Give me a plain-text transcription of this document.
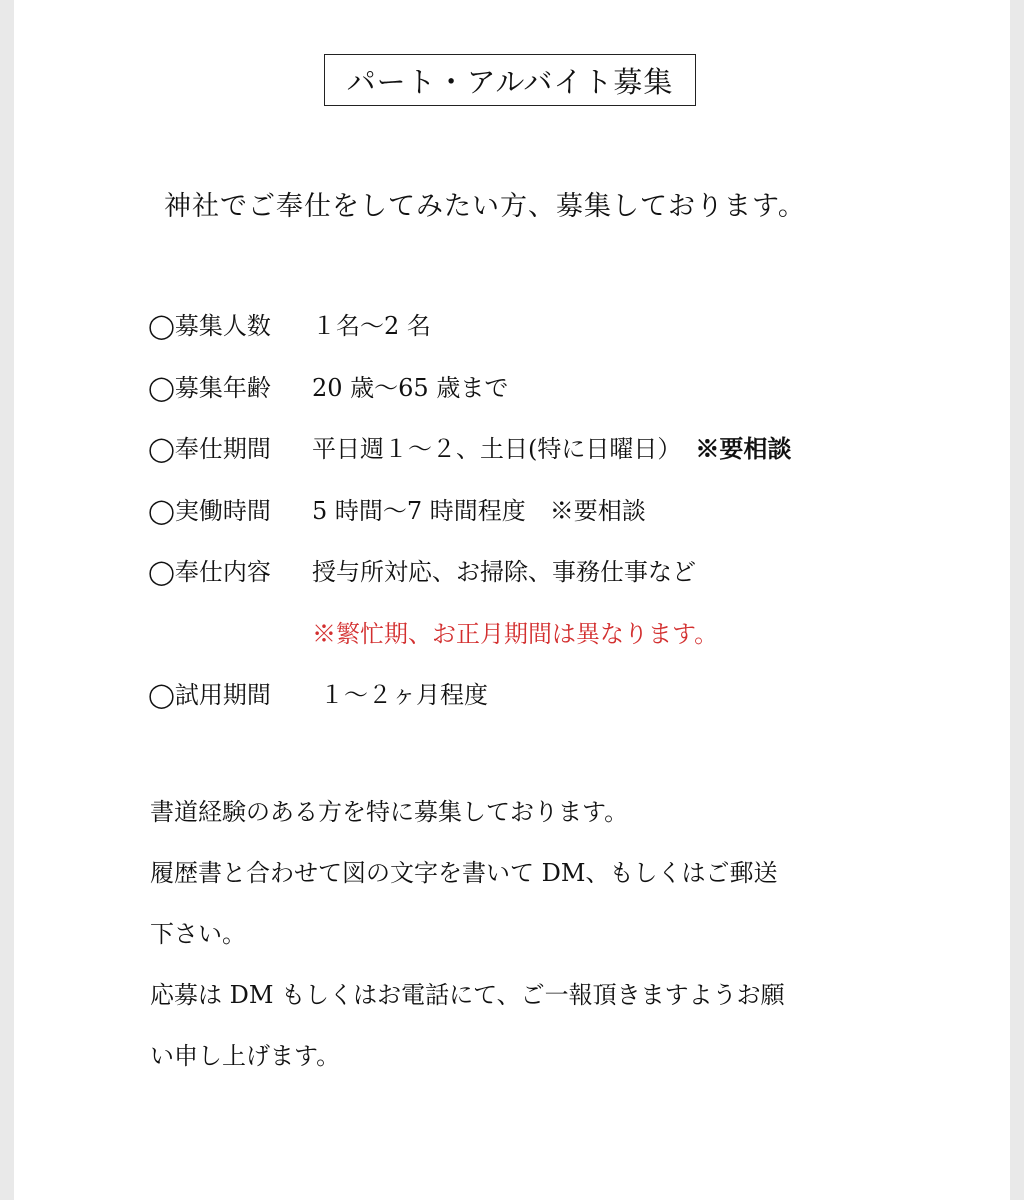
パート・アルバイト募集
神社でご奉仕をしてみたい方、募集しております。
◯募集人数 １名〜2 名
◯募集年齢 20 歳〜65 歳まで
◯奉仕期間 平日週１〜２、土日(特に日曜日） ※要相談
◯実働時間 5 時間〜7 時間程度 ※要相談
◯奉仕内容 授与所対応、お掃除、事務仕事など
※繁忙期、お正月期間は異なります。
◯試用期間 １〜２ヶ月程度
書道経験のある方を特に募集しております。
履歴書と合わせて図の文字を書いて DM、もしくはご郵送
下さい。
応募は DM もしくはお電話にて、ご一報頂きますようお願
い申し上げます。
